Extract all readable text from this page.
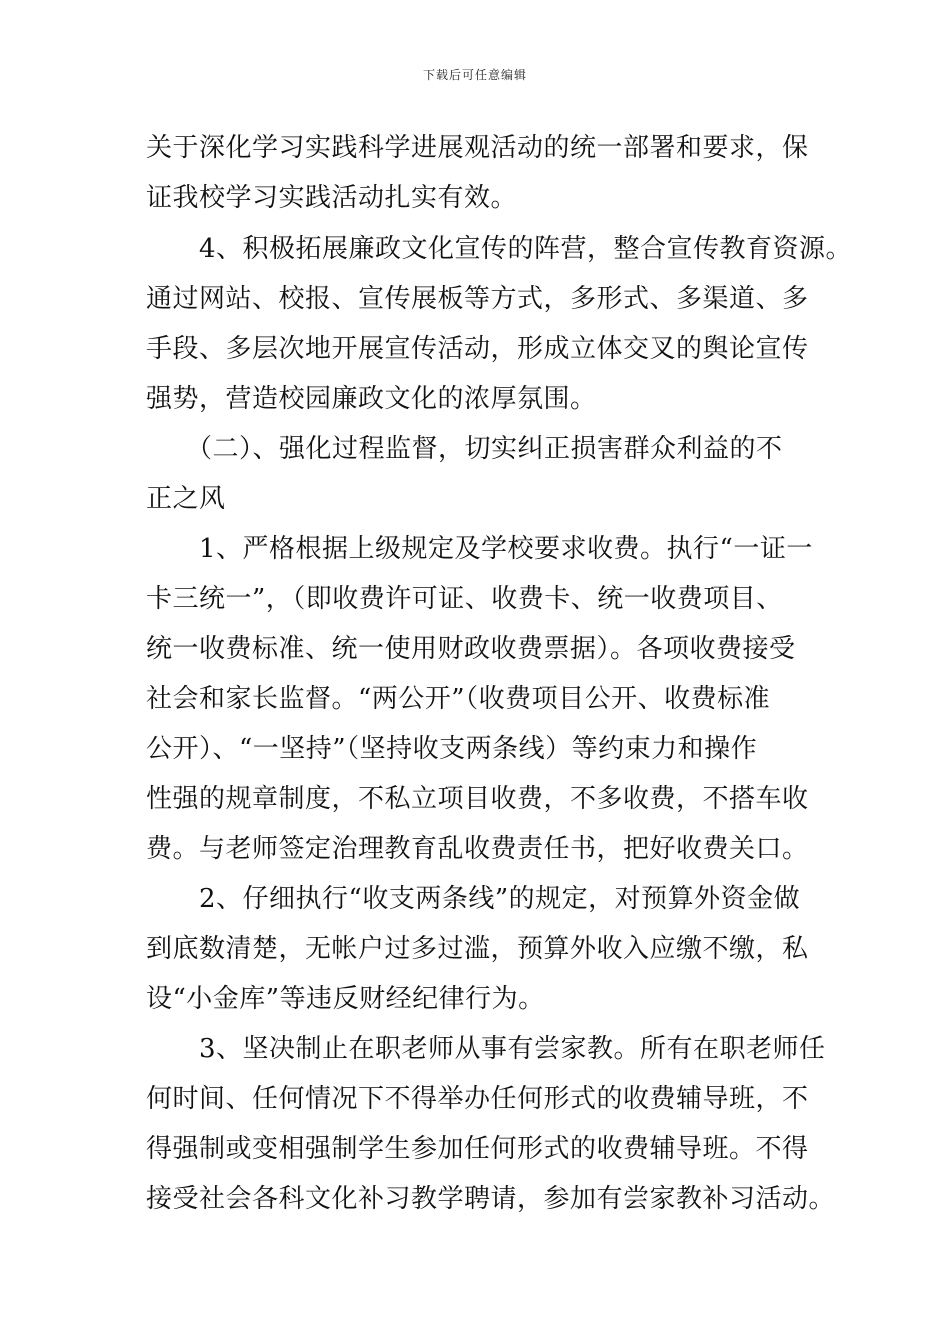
下载后可任意编辑
关于深化学习实践科学进展观活动的统一部署和要求，保
证我校学习实践活动扎实有效。
　　4、积极拓展廉政文化宣传的阵营，整合宣传教育资源。
通过网站、校报、宣传展板等方式，多形式、多渠道、多
手段、多层次地开展宣传活动，形成立体交叉的舆论宣传
强势，营造校园廉政文化的浓厚氛围。
　　（二）、强化过程监督，切实纠正损害群众利益的不
正之风
　　1、严格根据上级规定及学校要求收费。执行“一证一
卡三统一”，（即收费许可证、收费卡、统一收费项目、
统一收费标准、统一使用财政收费票据）。各项收费接受
社会和家长监督。“两公开”（收费项目公开、收费标准
公开）、“一坚持”（坚持收支两条线）等约束力和操作
性强的规章制度，不私立项目收费，不多收费，不搭车收
费。与老师签定治理教育乱收费责任书，把好收费关口。
　　2、仔细执行“收支两条线”的规定，对预算外资金做
到底数清楚，无帐户过多过滥，预算外收入应缴不缴，私
设“小金库”等违反财经纪律行为。
　　3、坚决制止在职老师从事有尝家教。所有在职老师任
何时间、任何情况下不得举办任何形式的收费辅导班，不
得强制或变相强制学生参加任何形式的收费辅导班。不得
接受社会各科文化补习教学聘请，参加有尝家教补习活动。
